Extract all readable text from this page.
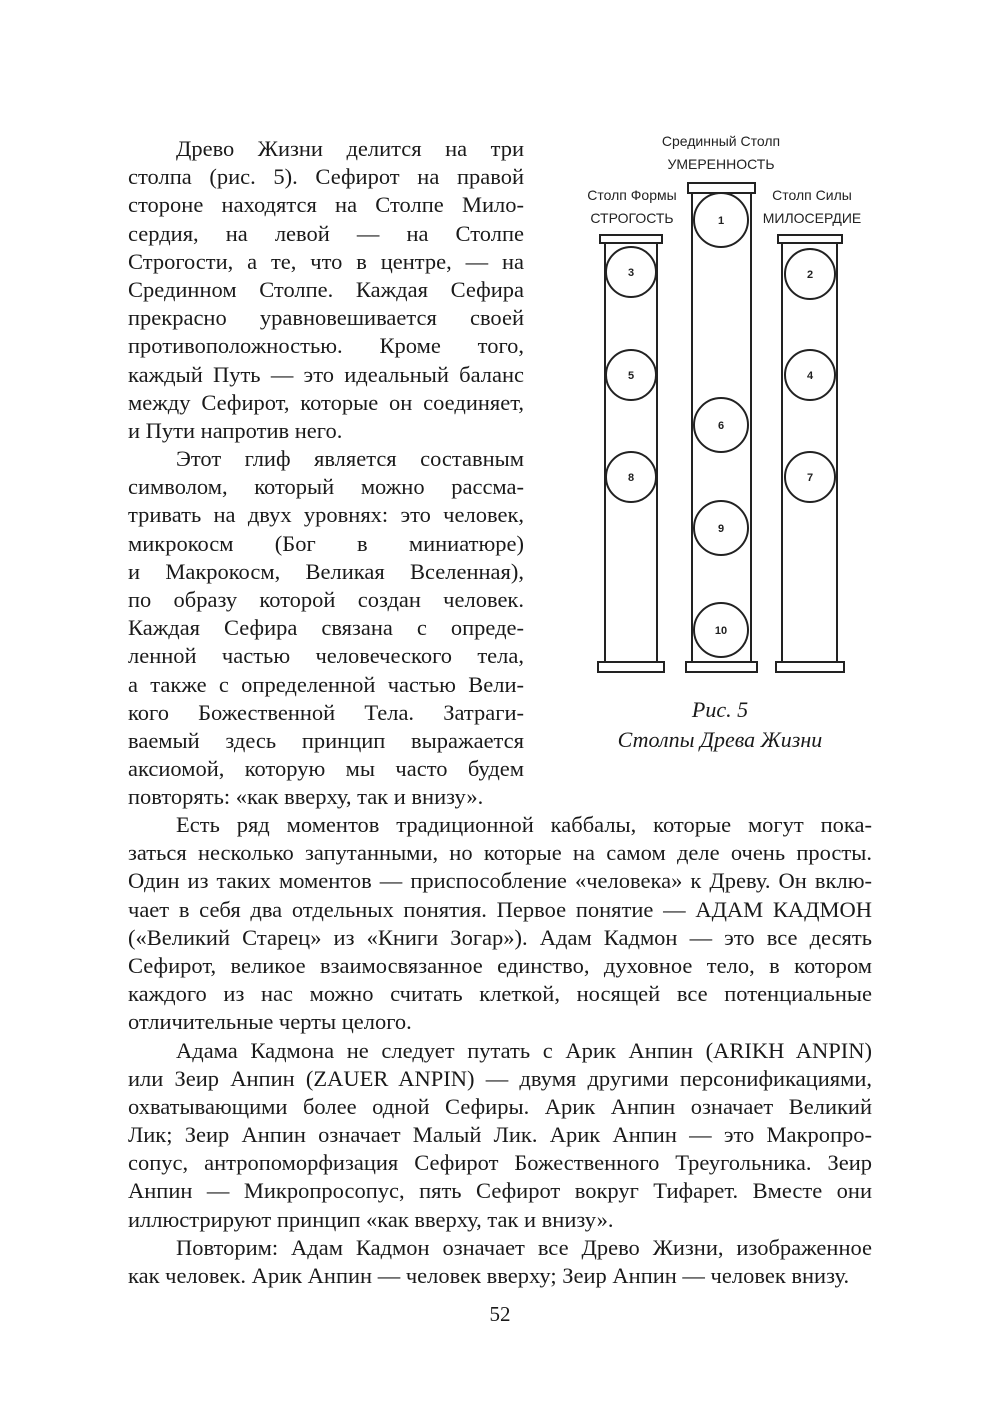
Древо Жизни делится на три
столпа (рис. 5). Сефирот на правой
стороне находятся на Столпе Мило-
сердия, на левой — на Столпе
Строгости, а те, что в центре, — на
Срединном Столпе. Каждая Сефира
прекрасно уравновешивается своей
противоположностью. Кроме того,
каждый Путь — это идеальный баланс
между Сефирот, которые он соединяет,
и Пути напротив него.
Этот глиф является составным
символом, который можно рассма-
тривать на двух уровнях: это человек,
микрокосм (Бог в миниатюре)
и Макрокосм, Великая Вселенная),
по образу которой создан человек.
Каждая Сефира связана с опреде-
ленной частью человеческого тела,
а также с определенной частью Вели-
кого Божественной Тела. Затраги-
ваемый здесь принцип выражается
аксиомой, которую мы часто будем
повторять: «как вверху, так и внизу».
Срединный Столп
УМЕРЕННОСТЬ
Столп Формы
СТРОГОСТЬ
Столп Силы
МИЛОСЕРДИЕ
3
5
8
1
6
9
10
2
4
7
Рис. 5
Столпы Древа Жизни
Есть ряд моментов традиционной каббалы, которые могут пока-
заться несколько запутанными, но которые на самом деле очень просты.
Один из таких моментов — приспособление «человека» к Древу. Он вклю-
чает в себя два отдельных понятия. Первое понятие — АДАМ КАДМОН
(«Великий Старец» из «Книги Зогар»). Адам Кадмон — это все десять
Сефирот, великое взаимосвязанное единство, духовное тело, в котором
каждого из нас можно считать клеткой, носящей все потенциальные
отличительные черты целого.
Адама Кадмона не следует путать с Арик Анпин (ARIKH ANPIN)
или Зеир Анпин (ZAUER ANPIN) — двумя другими персонификациями,
охватывающими более одной Сефиры. Арик Анпин означает Великий
Лик; Зеир Анпин означает Малый Лик. Арик Анпин — это Макропро-
сопус, антропоморфизация Сефирот Божественного Треугольника. Зеир
Анпин — Микропросопус, пять Сефирот вокруг Тифарет. Вместе они
иллюстрируют принцип «как вверху, так и внизу».
Повторим: Адам Кадмон означает все Древо Жизни, изображенное
как человек. Арик Анпин — человек вверху; Зеир Анпин — человек внизу.
52
